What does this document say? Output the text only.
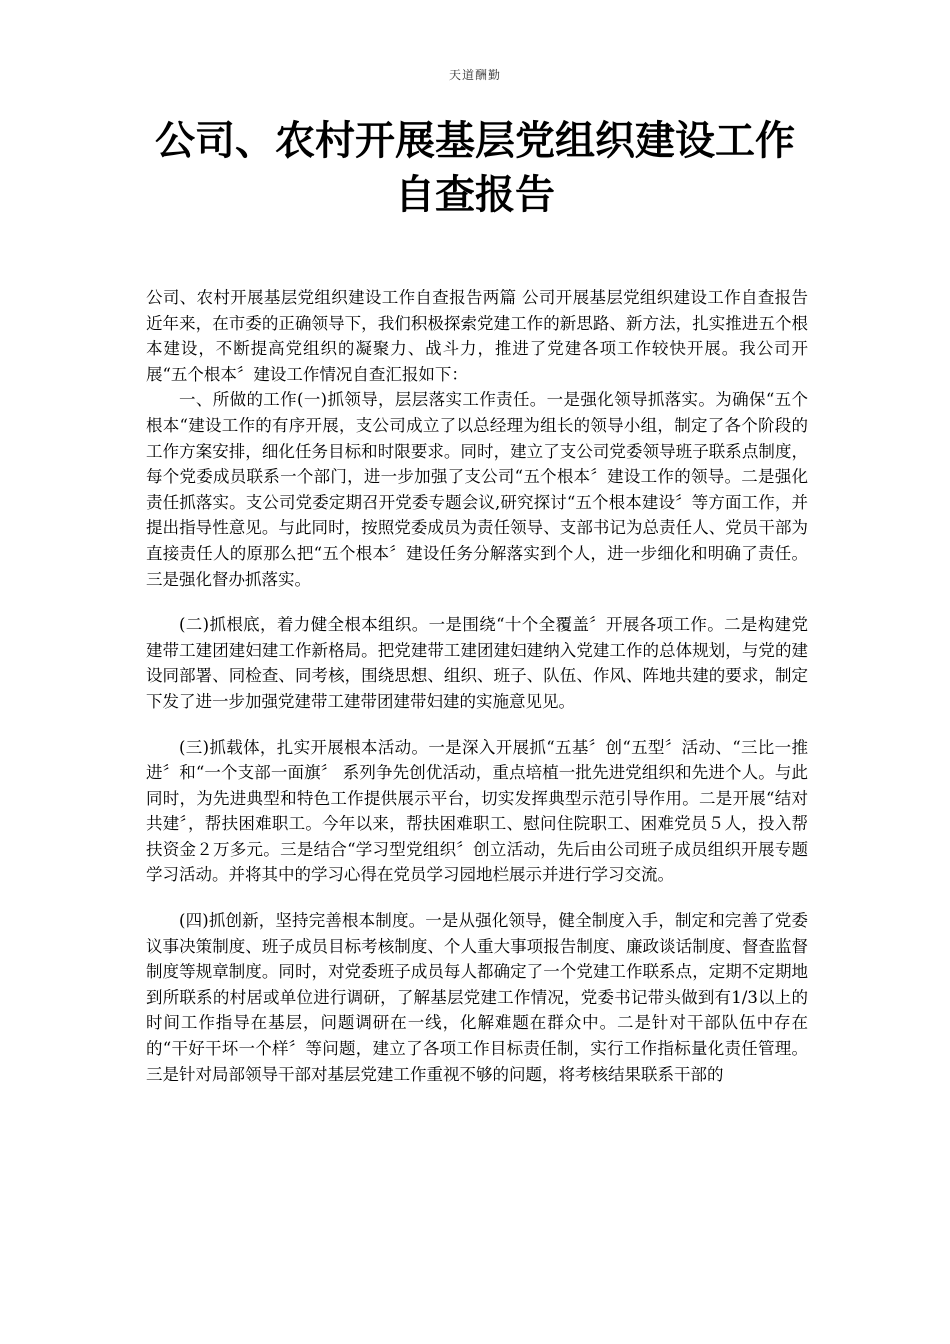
天道酬勤
公司、农村开展基层党组织建设工作自查报告

公司、农村开展基层党组织建设工作自查报告两篇 公司开展基层党组织建设工作自查报告 近年来，在市委的正确领导下，我们积极探索党建工作的新思路、新方法，扎实推进五个根本建设，不断提高党组织的凝聚力、战斗力，推进了党建各项工作较快开展。我公司开展“五个根本〞建设工作情况自查汇报如下：

一、所做的工作(一)抓领导，层层落实工作责任。一是强化领导抓落实。为确保“五个根本“建设工作的有序开展，支公司成立了以总经理为组长的领导小组，制定了各个阶段的工作方案安排，细化任务目标和时限要求。同时，建立了支公司党委领导班子联系点制度，每个党委成员联系一个部门，进一步加强了支公司“五个根本〞建设工作的领导。二是强化责任抓落实。支公司党委定期召开党委专题会议,研究探讨“五个根本建设〞等方面工作，并提出指导性意见。与此同时，按照党委成员为责任领导、支部书记为总责任人、党员干部为直接责任人的原那么把“五个根本〞建设任务分解落实到个人，进一步细化和明确了责任。三是强化督办抓落实。

(二)抓根底，着力健全根本组织。一是围绕“十个全覆盖〞开展各项工作。二是构建党建带工建团建妇建工作新格局。把党建带工建团建妇建纳入党建工作的总体规划，与党的建设同部署、同检查、同考核，围绕思想、组织、班子、队伍、作风、阵地共建的要求，制定下发了进一步加强党建带工建带团建带妇建的实施意见见。

(三)抓载体，扎实开展根本活动。一是深入开展抓“五基〞创“五型〞活动、“三比一推进〞和“一个支部一面旗〞 系列争先创优活动，重点培植一批先进党组织和先进个人。与此同时，为先进典型和特色工作提供展示平台，切实发挥典型示范引导作用。二是开展“结对共建〞，帮扶困难职工。今年以来，帮扶困难职工、慰问住院职工、困难党员５人，投入帮扶资金２万多元。三是结合“学习型党组织〞创立活动，先后由公司班子成员组织开展专题学习活动。并将其中的学习心得在党员学习园地栏展示并进行学习交流。

(四)抓创新，坚持完善根本制度。一是从强化领导，健全制度入手，制定和完善了党委议事决策制度、班子成员目标考核制度、个人重大事项报告制度、廉政谈话制度、督查监督制度等规章制度。同时，对党委班子成员每人都确定了一个党建工作联系点，定期不定期地到所联系的村居或单位进行调研，了解基层党建工作情况，党委书记带头做到有1/3以上的时间工作指导在基层，问题调研在一线，化解难题在群众中。二是针对干部队伍中存在的“干好干坏一个样〞等问题，建立了各项工作目标责任制，实行工作指标量化责任管理。三是针对局部领导干部对基层党建工作重视不够的问题，将考核结果联系干部的
